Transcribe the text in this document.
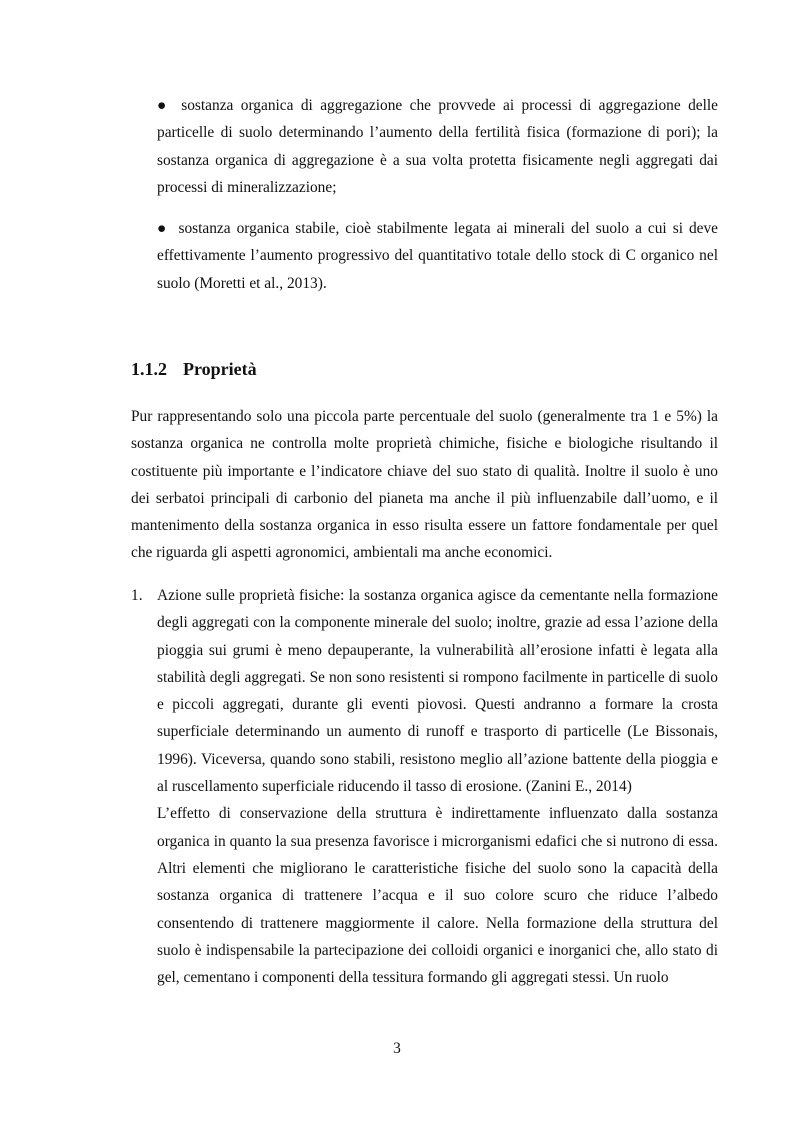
● sostanza organica di aggregazione che provvede ai processi di aggregazione delle particelle di suolo determinando l’aumento della fertilità fisica (formazione di pori); la sostanza organica di aggregazione è a sua volta protetta fisicamente negli aggregati dai processi di mineralizzazione;

● sostanza organica stabile, cioè stabilmente legata ai minerali del suolo a cui si deve effettivamente l’aumento progressivo del quantitativo totale dello stock di C organico nel suolo (Moretti et al., 2013).

1.1.2 Proprietà

Pur rappresentando solo una piccola parte percentuale del suolo (generalmente tra 1 e 5%) la sostanza organica ne controlla molte proprietà chimiche, fisiche e biologiche risultando il costituente più importante e l’indicatore chiave del suo stato di qualità. Inoltre il suolo è uno dei serbatoi principali di carbonio del pianeta ma anche il più influenzabile dall’uomo, e il mantenimento della sostanza organica in esso risulta essere un fattore fondamentale per quel che riguarda gli aspetti agronomici, ambientali ma anche economici.

1. Azione sulle proprietà fisiche: la sostanza organica agisce da cementante nella formazione degli aggregati con la componente minerale del suolo; inoltre, grazie ad essa l’azione della pioggia sui grumi è meno depauperante, la vulnerabilità all’erosione infatti è legata alla stabilità degli aggregati. Se non sono resistenti si rompono facilmente in particelle di suolo e piccoli aggregati, durante gli eventi piovosi. Questi andranno a formare la crosta superficiale determinando un aumento di runoff e trasporto di particelle (Le Bissonais, 1996). Viceversa, quando sono stabili, resistono meglio all’azione battente della pioggia e al ruscellamento superficiale riducendo il tasso di erosione. (Zanini E., 2014)

L’effetto di conservazione della struttura è indirettamente influenzato dalla sostanza organica in quanto la sua presenza favorisce i microrganismi edafici che si nutrono di essa. Altri elementi che migliorano le caratteristiche fisiche del suolo sono la capacità della sostanza organica di trattenere l’acqua e il suo colore scuro che riduce l’albedo consentendo di trattenere maggiormente il calore. Nella formazione della struttura del suolo è indispensabile la partecipazione dei colloidi organici e inorganici che, allo stato di gel, cementano i componenti della tessitura formando gli aggregati stessi. Un ruolo

3
